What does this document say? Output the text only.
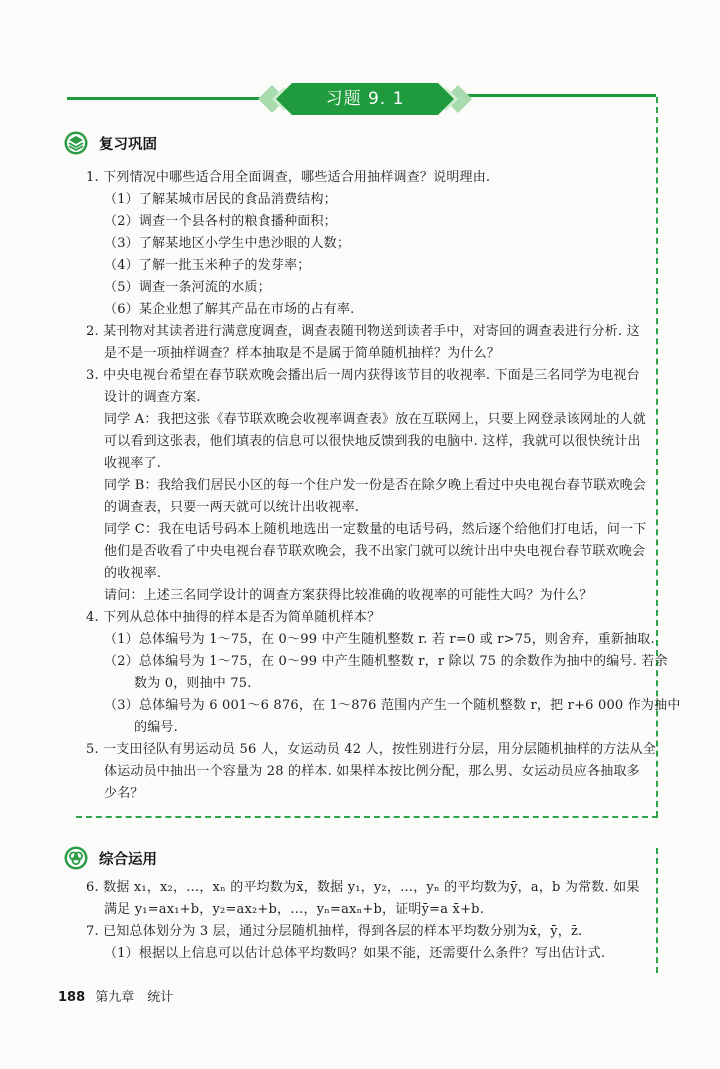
习题 9. 1
复习巩固
1. 下列情况中哪些适合用全面调查，哪些适合用抽样调查？说明理由.
（1）了解某城市居民的食品消费结构；
（2）调查一个县各村的粮食播种面积；
（3）了解某地区小学生中患沙眼的人数；
（4）了解一批玉米种子的发芽率；
（5）调查一条河流的水质；
（6）某企业想了解其产品在市场的占有率.
2. 某刊物对其读者进行满意度调查，调查表随刊物送到读者手中，对寄回的调查表进行分析. 这
是不是一项抽样调查？样本抽取是不是属于简单随机抽样？为什么？
3. 中央电视台希望在春节联欢晚会播出后一周内获得该节目的收视率. 下面是三名同学为电视台
设计的调查方案.
同学 A：我把这张《春节联欢晚会收视率调查表》放在互联网上，只要上网登录该网址的人就
可以看到这张表，他们填表的信息可以很快地反馈到我的电脑中. 这样，我就可以很快统计出
收视率了.
同学 B：我给我们居民小区的每一个住户发一份是否在除夕晚上看过中央电视台春节联欢晚会
的调查表，只要一两天就可以统计出收视率.
同学 C：我在电话号码本上随机地选出一定数量的电话号码，然后逐个给他们打电话，问一下
他们是否收看了中央电视台春节联欢晚会，我不出家门就可以统计出中央电视台春节联欢晚会
的收视率.
请问：上述三名同学设计的调查方案获得比较准确的收视率的可能性大吗？为什么？
4. 下列从总体中抽得的样本是否为简单随机样本？
（1）总体编号为 1～75，在 0～99 中产生随机整数 r. 若 r=0 或 r>75，则舍弃，重新抽取.
（2）总体编号为 1～75，在 0～99 中产生随机整数 r，r 除以 75 的余数作为抽中的编号. 若余
数为 0，则抽中 75.
（3）总体编号为 6 001～6 876，在 1～876 范围内产生一个随机整数 r，把 r+6 000 作为抽中
的编号.
5. 一支田径队有男运动员 56 人，女运动员 42 人，按性别进行分层，用分层随机抽样的方法从全
体运动员中抽出一个容量为 28 的样本. 如果样本按比例分配，那么男、女运动员应各抽取多
少名？
综合运用
6. 数据 x₁，x₂，…，xₙ 的平均数为x̄，数据 y₁，y₂，…，yₙ 的平均数为ȳ，a，b 为常数. 如果
满足 y₁=ax₁+b，y₂=ax₂+b，…，yₙ=axₙ+b，证明ȳ=a x̄+b.
7. 已知总体划分为 3 层，通过分层随机抽样，得到各层的样本平均数分别为x̄，ȳ，z̄.
（1）根据以上信息可以估计总体平均数吗？如果不能，还需要什么条件？写出估计式.
188 第九章　统计
